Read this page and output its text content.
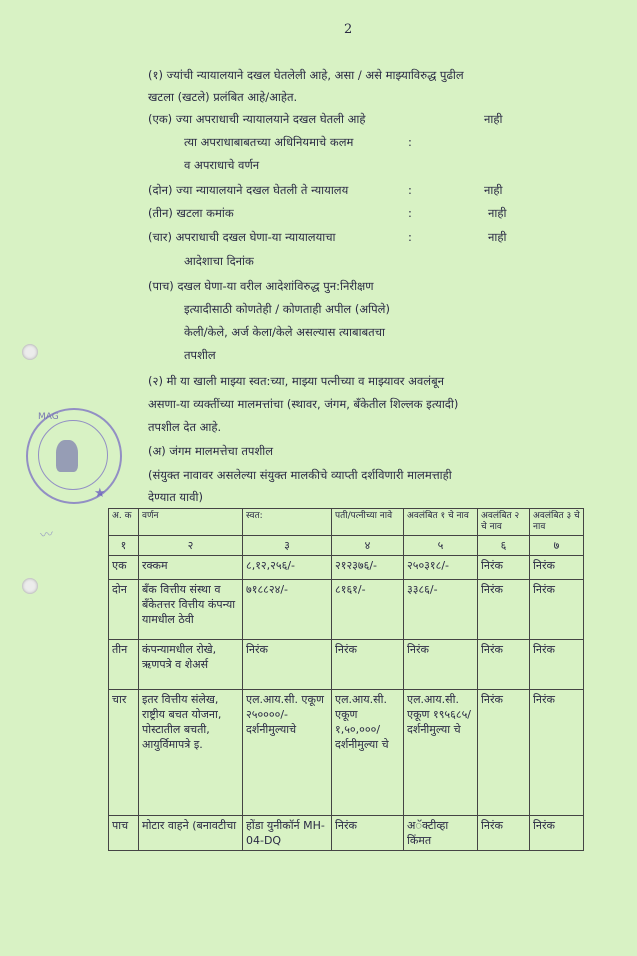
2
(१) ज्यांची न्यायालयाने दखल घेतलेली आहे, असा / असे माझ्याविरुद्ध पुढील
खटला (खटले) प्रलंबित आहे/आहेत.
(एक) ज्या अपराधाची न्यायालयाने दखल घेतली आहे	नाही
त्या अपराधाबाबतच्या अधिनियमाचे कलम	:
व अपराधाचे वर्णन
(दोन) ज्या न्यायालयाने दखल घेतली ते न्यायालय	:	नाही
(तीन) खटला कमांक	:	नाही
(चार) अपराधाची दखल घेणा-या न्यायालयाचा	:	नाही
आदेशाचा दिनांक
(पाच) दखल घेणा-या वरील आदेशांविरुद्ध पुन:निरीक्षण
इत्यादीसाठी कोणतेही / कोणताही अपील (अपिले)
केली/केले, अर्ज केला/केले असल्यास त्याबाबतचा
तपशील
(२) मी या खाली माझ्या स्वत:च्या, माझ्या पत्नीच्या व माझ्यावर अवलंबून
असणा-या व्यक्तींच्या मालमत्तांचा (स्थावर, जंगम, बँकेतील शिल्लक इत्यादी)
तपशील देत आहे.
(अ) जंगम मालमत्तेचा तपशील
(संयुक्त नावावर असलेल्या संयुक्त मालकीचे व्याप्ती दर्शविणारी मालमत्ताही
देण्यात यावी)
MAG
★
〰
अ. क	वर्णन	स्वत:	पती/पत्नीच्या नावे	अवलंबित १ चे नाव	अवलंबित २ चे नाव	अवलंबित ३ चे नाव
१	२	३	४	५	६	७
एक	रक्कम	८,१२,२५६/-	२१२३७६/-	२५०३१८/-	निरंक	निरंक
दोन	बँक वित्तीय संस्था व बँकेतत्तर वित्तीय कंपन्या यामधील ठेवी	७१८८२४/-	८१६१/-	३३८६/-	निरंक	निरंक
तीन	कंपन्यामधील रोखे, ऋणपत्रे व शेअर्स	निरंक	निरंक	निरंक	निरंक	निरंक
चार	इतर वित्तीय संलेख, राष्ट्रीय बचत योजना, पोस्टातील बचती, आयुर्विमापत्रे इ.	एल.आय.सी. एकूण २५००००/- दर्शनीमुल्याचे	एल.आय.सी. एकूण १,५०,०००/ दर्शनीमुल्या चे	एल.आय.सी. एकूण १९५६८५/ दर्शनीमुल्या चे	निरंक	निरंक
पाच	मोटार वाहने (बनावटीचा	होंडा युनीकॉर्न MH-04-DQ	निरंक	अॅक्टीव्हा किंमत	निरंक	निरंक
